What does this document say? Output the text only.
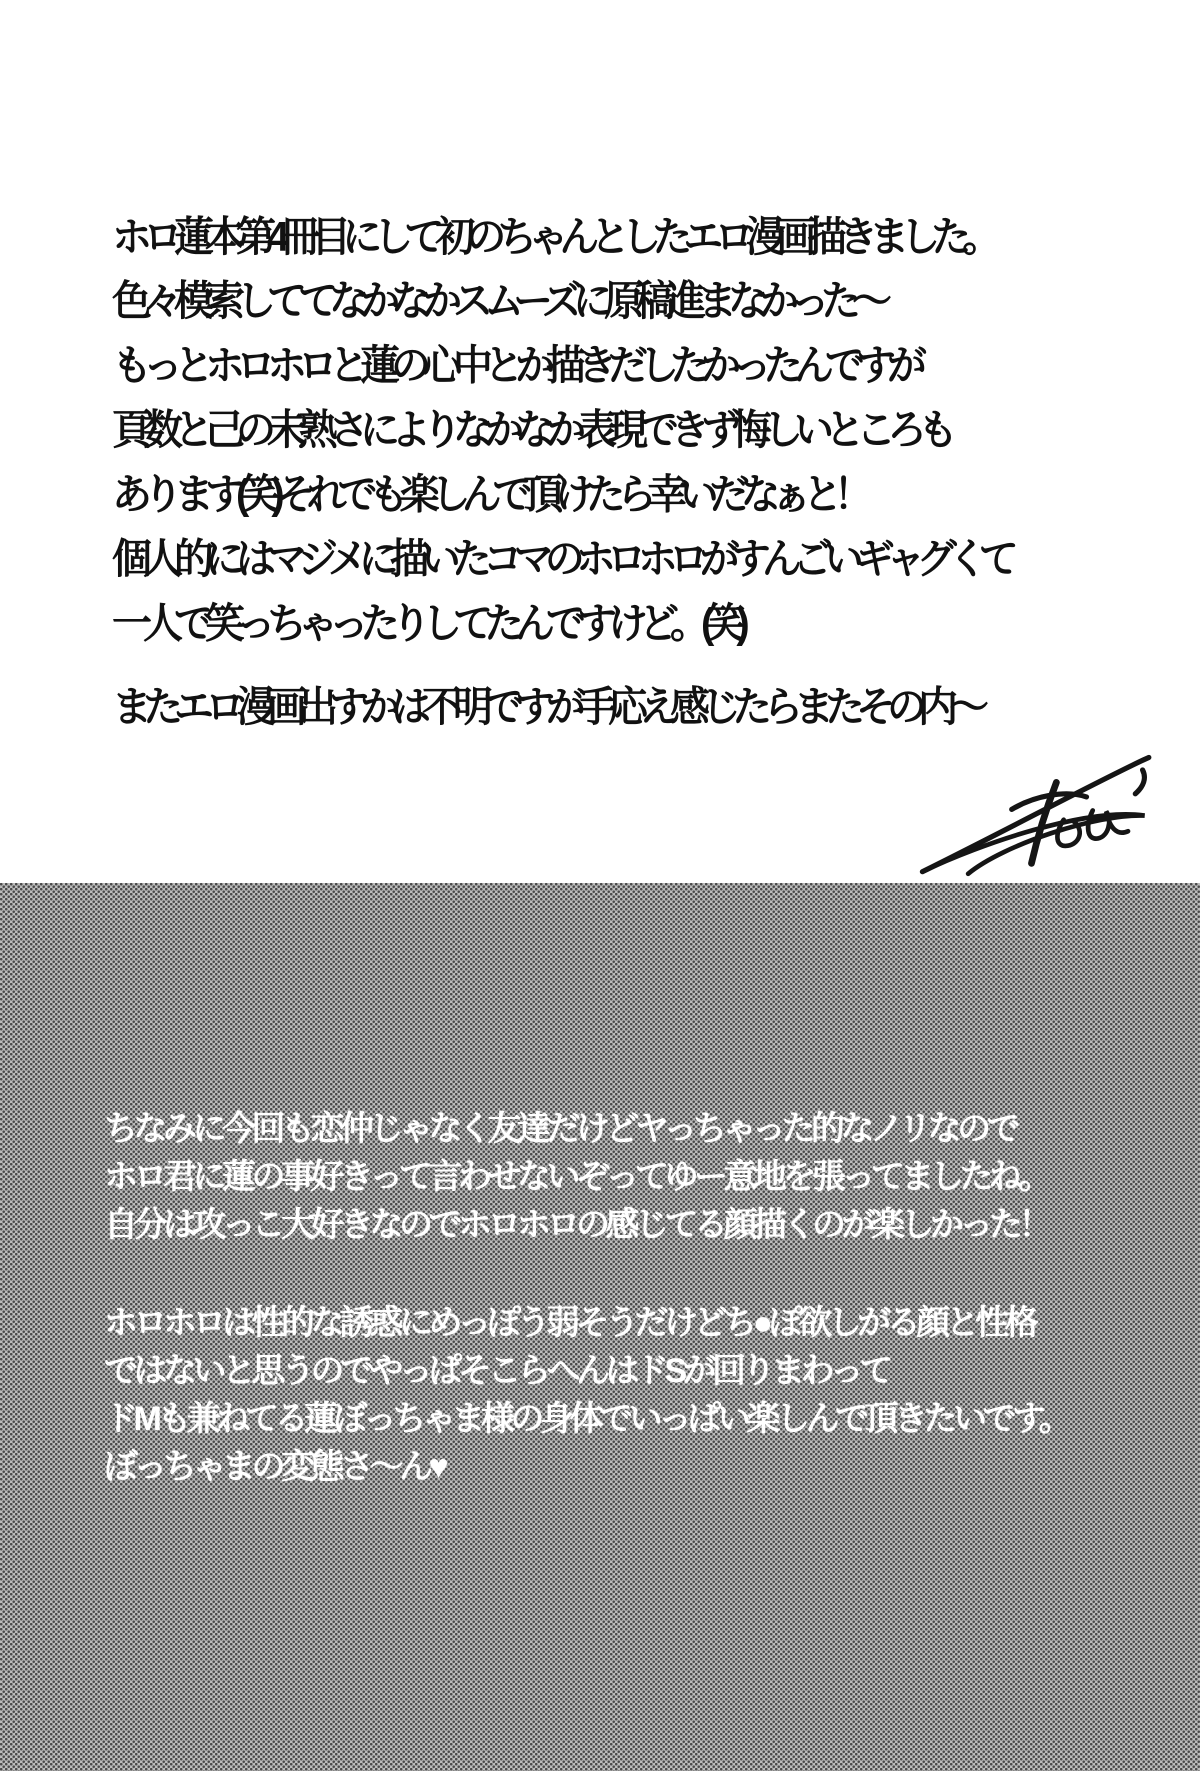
ホロ蓮本第4冊目にして初のちゃんとしたエロ漫画描きました。
色々模索しててなかなかスムーズに原稿進まなかった～
もっとホロホロと蓮の心中とか描きだしたかったんですが
頁数と己の未熟さによりなかなか表現できず悔しいところも
あります(笑)それでも楽しんで頂けたら幸いだなぁと！
個人的にはマジメに描いたコマのホロホロがすんごいギャグくて
一人で笑っちゃったりしてたんですけど。(笑)
またエロ漫画出すかは不明ですが手応え感じたらまたその内～
ちなみに今回も恋仲じゃなく友達だけどヤっちゃった的なノリなので
ホロ君に蓮の事好きって言わせないぞってゆー意地を張ってましたね。
自分は攻っこ大好きなのでホロホロの感じてる顔描くのが楽しかった！
ホロホロは性的な誘惑にめっぽう弱そうだけどち●ぽ欲しがる顔と性格
ではないと思うのでやっぱそこらへんはドSが回りまわって
ドMも兼ねてる蓮ぼっちゃま様の身体でいっぱい楽しんで頂きたいです。
ぼっちゃまの変態さ～ん♥
